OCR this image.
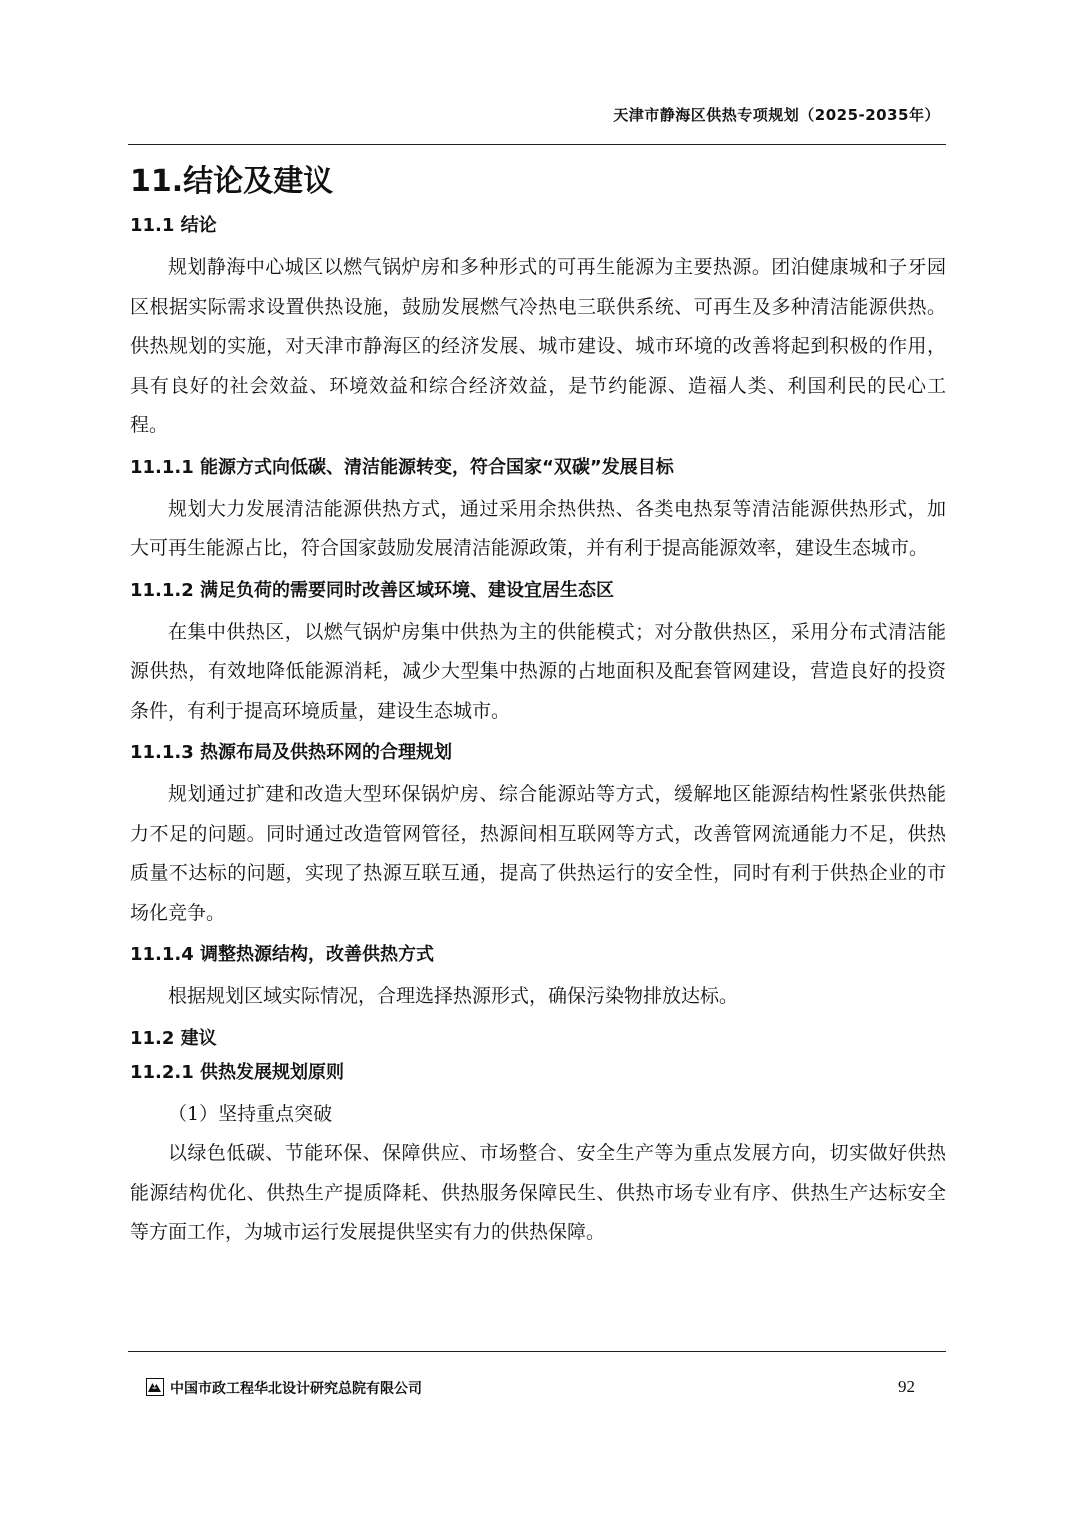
天津市静海区供热专项规划（2025-2035年）
11.结论及建议
11.1 结论

规划静海中心城区以燃气锅炉房和多种形式的可再生能源为主要热源。团泊健康城和子牙园区根据实际需求设置供热设施，鼓励发展燃气冷热电三联供系统、可再生及多种清洁能源供热。供热规划的实施，对天津市静海区的经济发展、城市建设、城市环境的改善将起到积极的作用，具有良好的社会效益、环境效益和综合经济效益，是节约能源、造福人类、利国利民的民心工程。

11.1.1 能源方式向低碳、清洁能源转变，符合国家“双碳”发展目标

规划大力发展清洁能源供热方式，通过采用余热供热、各类电热泵等清洁能源供热形式，加大可再生能源占比，符合国家鼓励发展清洁能源政策，并有利于提高能源效率，建设生态城市。

11.1.2 满足负荷的需要同时改善区域环境、建设宜居生态区

在集中供热区，以燃气锅炉房集中供热为主的供能模式；对分散供热区，采用分布式清洁能源供热，有效地降低能源消耗，减少大型集中热源的占地面积及配套管网建设，营造良好的投资条件，有利于提高环境质量，建设生态城市。

11.1.3 热源布局及供热环网的合理规划

规划通过扩建和改造大型环保锅炉房、综合能源站等方式，缓解地区能源结构性紧张供热能力不足的问题。同时通过改造管网管径，热源间相互联网等方式，改善管网流通能力不足，供热质量不达标的问题，实现了热源互联互通，提高了供热运行的安全性，同时有利于供热企业的市场化竞争。

11.1.4 调整热源结构，改善供热方式

根据规划区域实际情况，合理选择热源形式，确保污染物排放达标。

11.2 建议
11.2.1 供热发展规划原则

（1）坚持重点突破

以绿色低碳、节能环保、保障供应、市场整合、安全生产等为重点发展方向，切实做好供热能源结构优化、供热生产提质降耗、供热服务保障民生、供热市场专业有序、供热生产达标安全等方面工作，为城市运行发展提供坚实有力的供热保障。

中国市政工程华北设计研究总院有限公司	92
